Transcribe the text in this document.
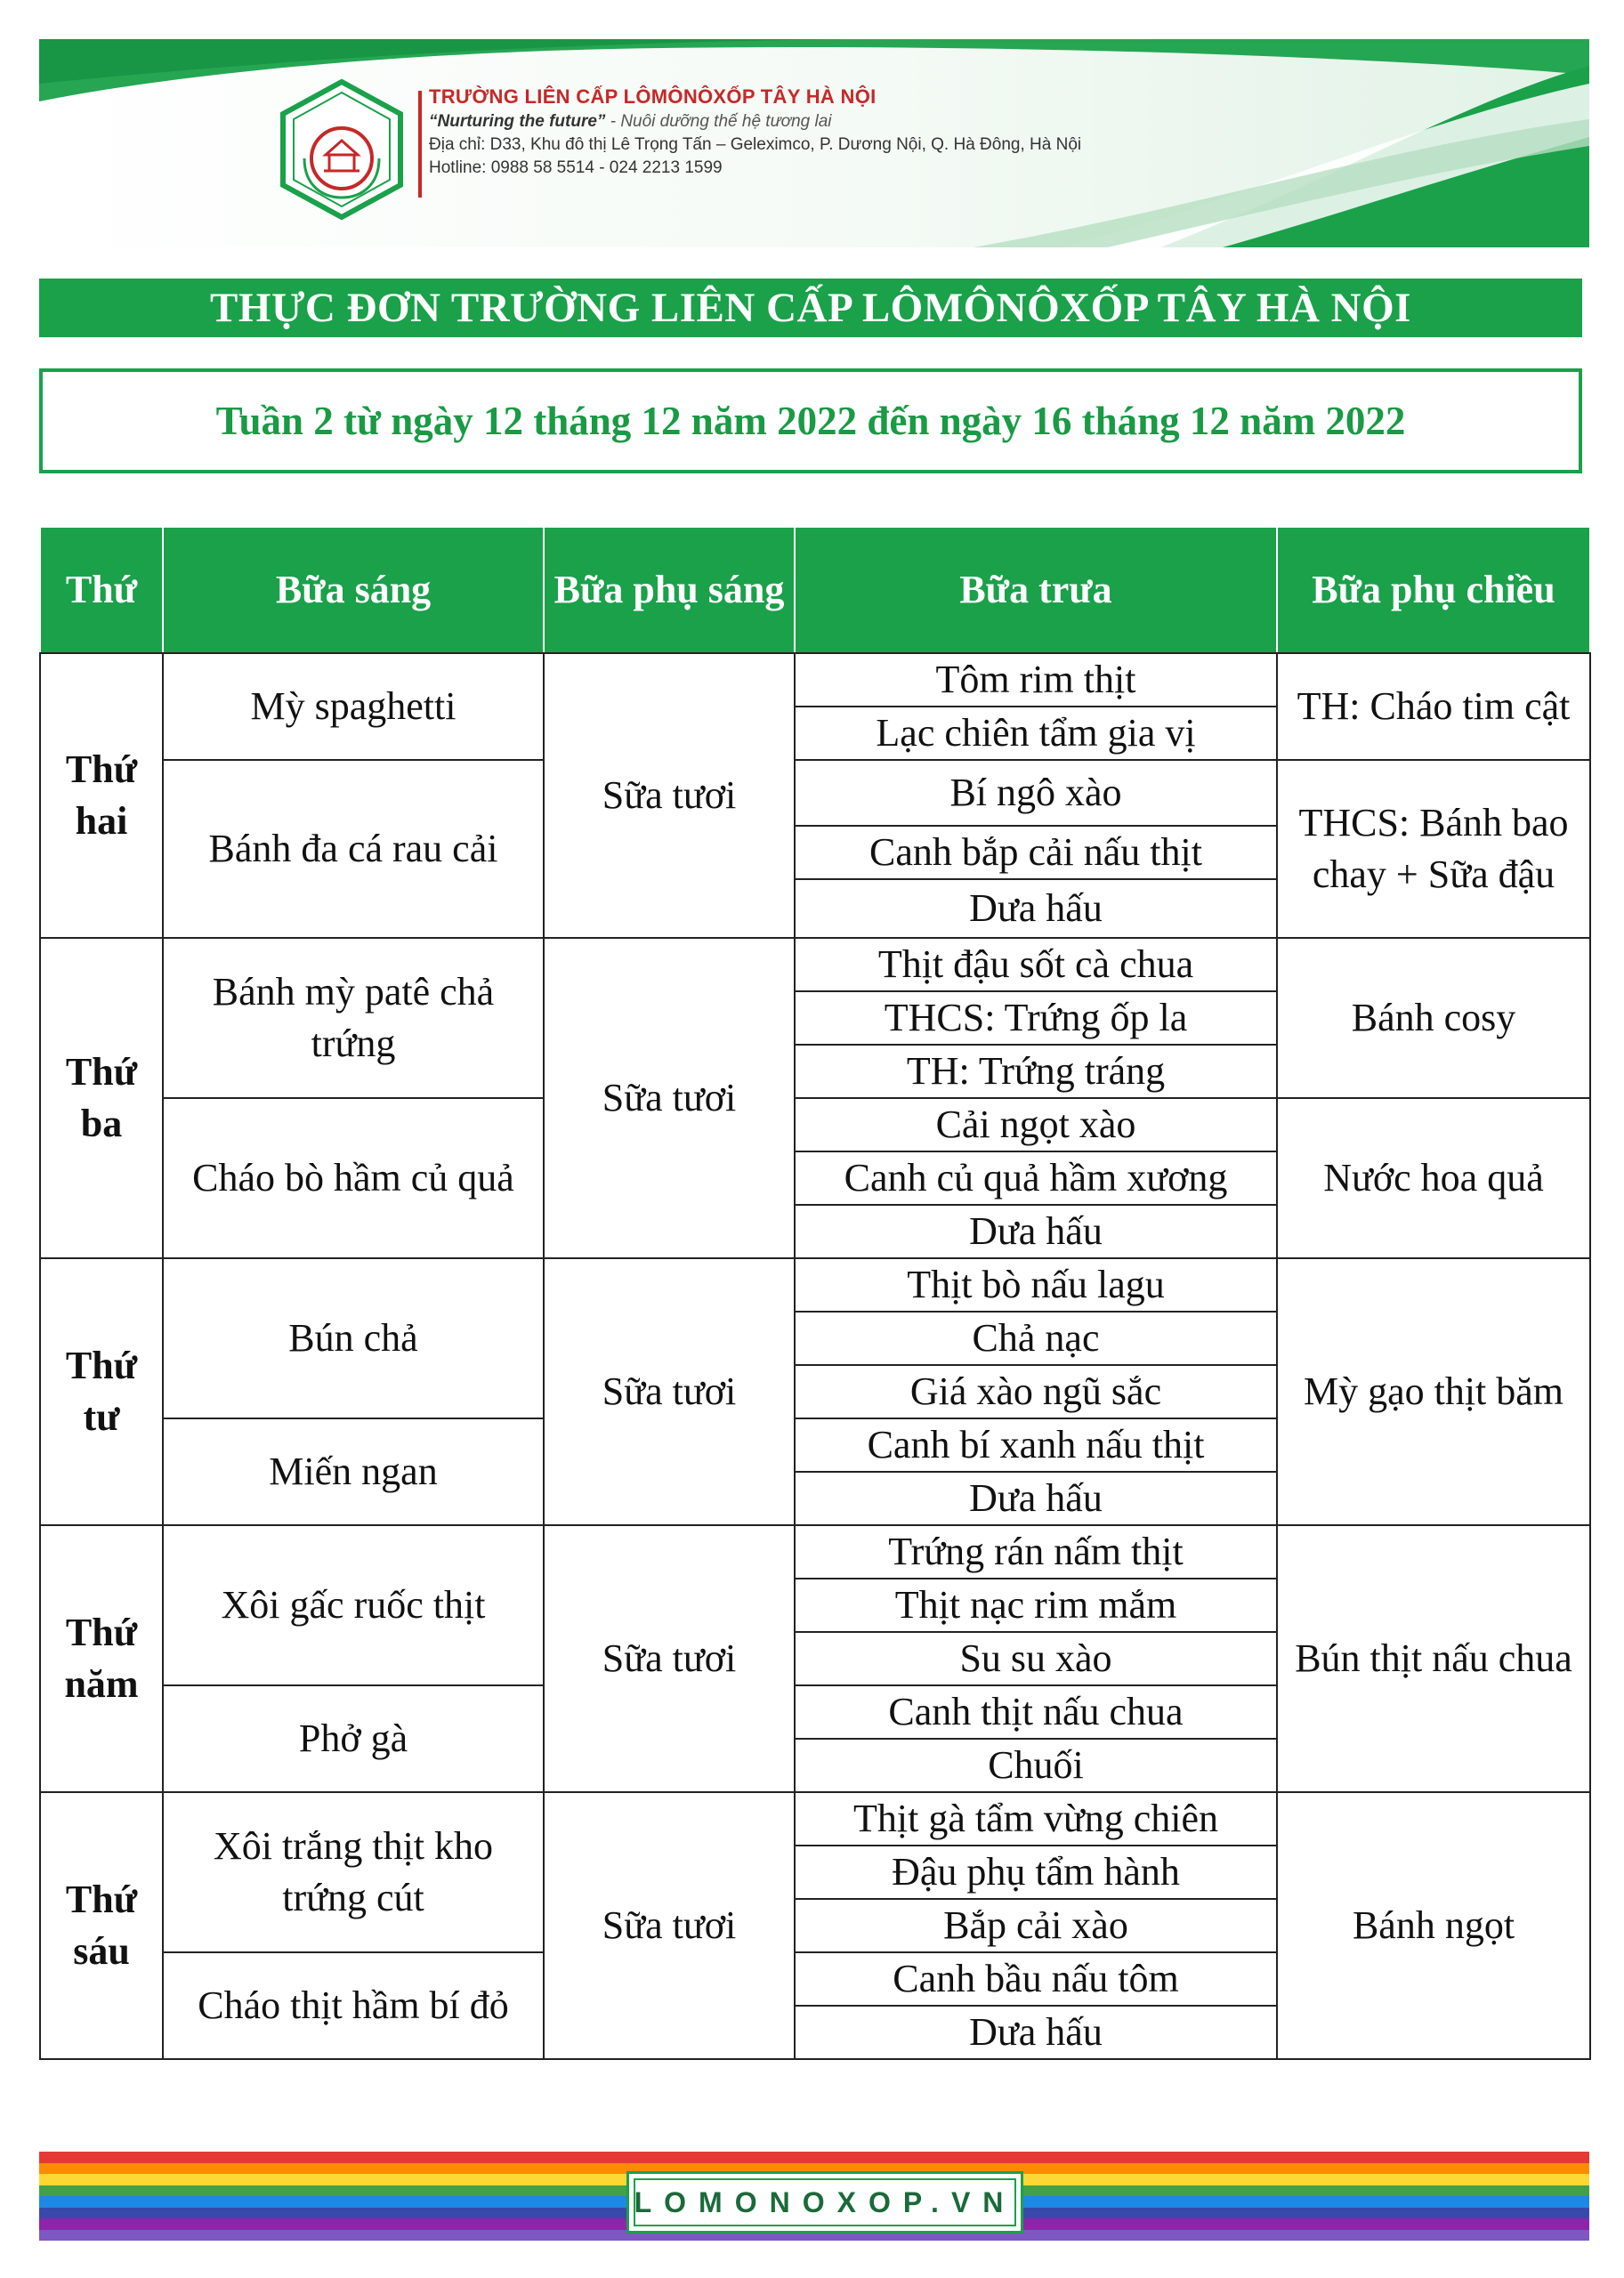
TRƯỜNG LIÊN CẤP LÔMÔNÔXỐP TÂY HÀ NỘI
“Nurturing the future” - Nuôi dưỡng thế hệ tương lai
Địa chỉ: D33, Khu đô thị Lê Trọng Tấn – Geleximco, P. Dương Nội, Q. Hà Đông, Hà Nội
Hotline: 0988 58 5514 - 024 2213 1599
THỰC ĐƠN TRƯỜNG LIÊN CẤP LÔMÔNÔXỐP TÂY HÀ NỘI
Tuần 2 từ ngày 12 tháng 12 năm 2022 đến ngày 16 tháng 12 năm 2022
Thứ	Bữa sáng	Bữa phụ sáng	Bữa trưa	Bữa phụ chiều
Thứ hai	Mỳ spaghetti	Sữa tươi	Tôm rim thịt	TH: Cháo tim cật
			Lạc chiên tẩm gia vị	
	Bánh đa cá rau cải		Bí ngô xào	THCS: Bánh bao chay + Sữa đậu
			Canh bắp cải nấu thịt	
			Dưa hấu	
Thứ ba	Bánh mỳ patê chả trứng	Sữa tươi	Thịt đậu sốt cà chua	Bánh cosy
			THCS: Trứng ốp la	
			TH: Trứng tráng	
	Cháo bò hầm củ quả		Cải ngọt xào	Nước hoa quả
			Canh củ quả hầm xương	
			Dưa hấu	
Thứ tư	Bún chả	Sữa tươi	Thịt bò nấu lagu	Mỳ gạo thịt băm
			Chả nạc	
			Giá xào ngũ sắc	
	Miến ngan		Canh bí xanh nấu thịt	
			Dưa hấu	
Thứ năm	Xôi gấc ruốc thịt	Sữa tươi	Trứng rán nấm thịt	Bún thịt nấu chua
			Thịt nạc rim mắm	
			Su su xào	
	Phở gà		Canh thịt nấu chua	
			Chuối	
Thứ sáu	Xôi trắng thịt kho trứng cút	Sữa tươi	Thịt gà tẩm vừng chiên	Bánh ngọt
			Đậu phụ tẩm hành	
			Bắp cải xào	
	Cháo thịt hầm bí đỏ		Canh bầu nấu tôm	
			Dưa hấu	
LOMONOXOP.VN
